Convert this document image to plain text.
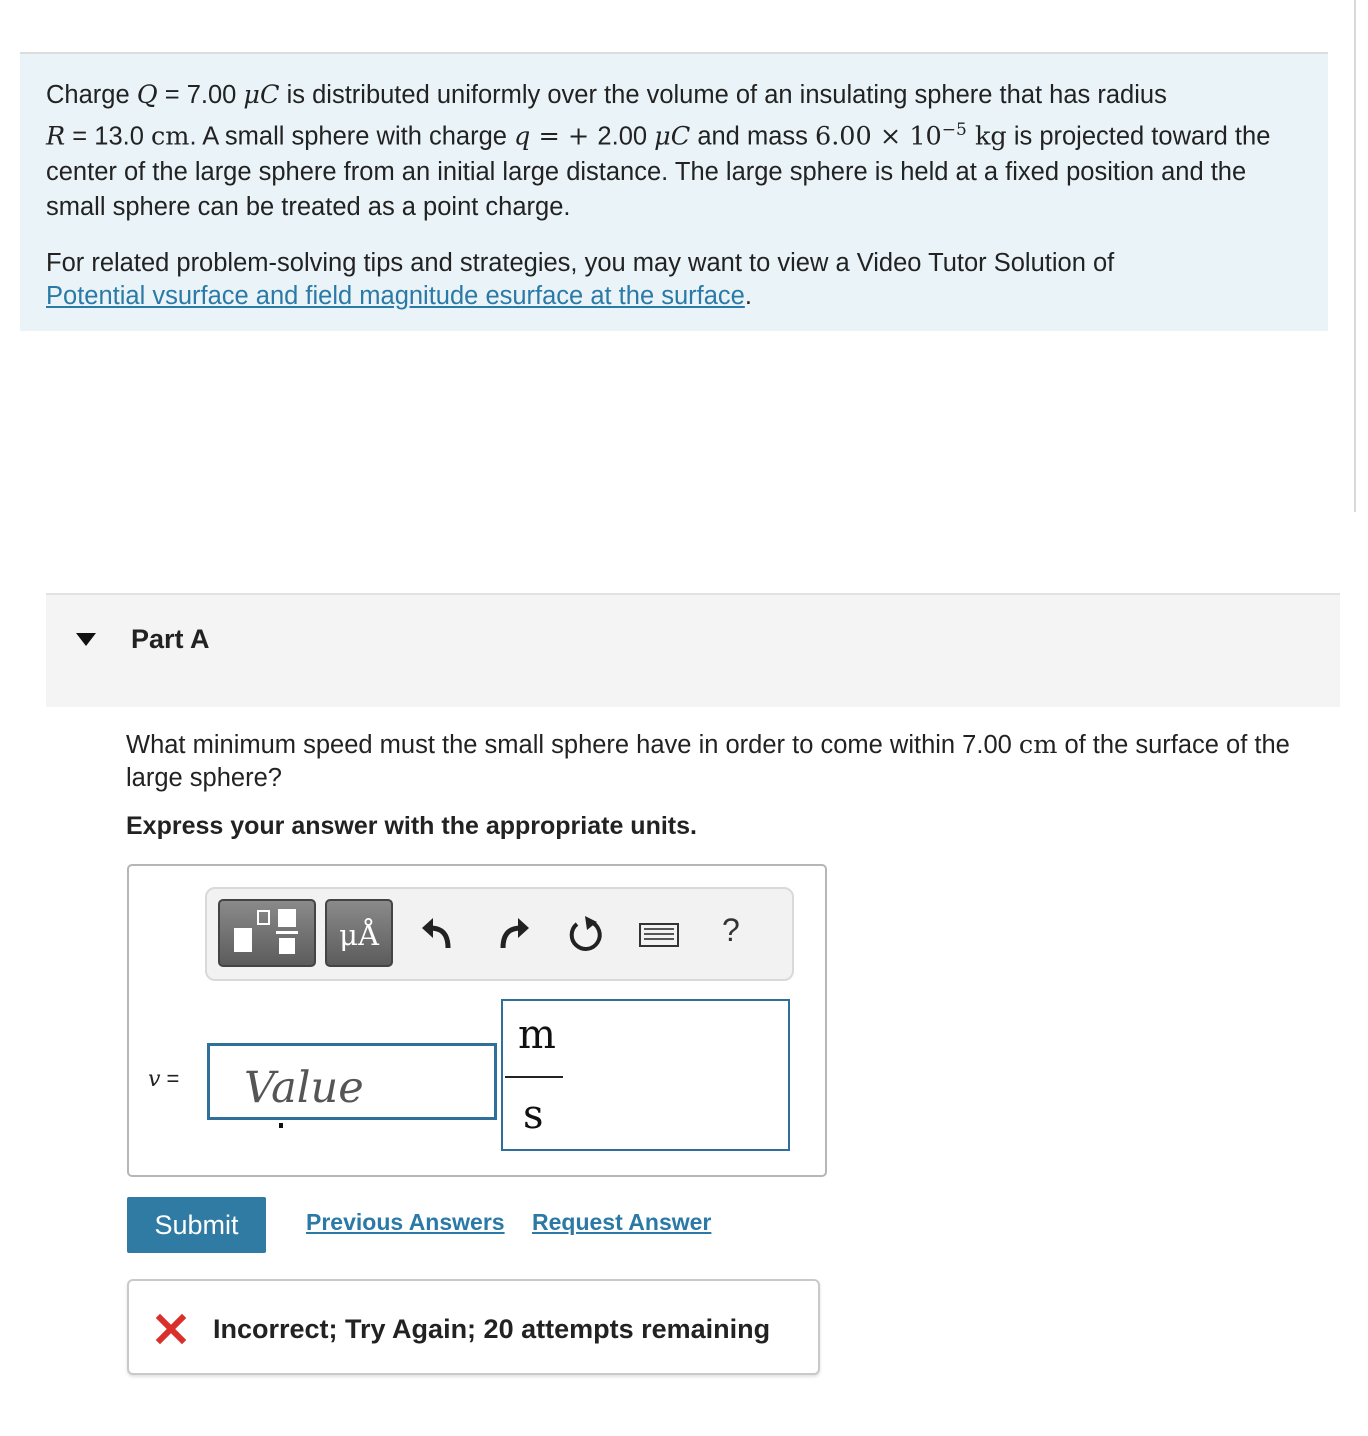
Charge Q = 7.00 μC is distributed uniformly over the volume of an insulating sphere that has radius
R = 13.0 cm. A small sphere with charge q = + 2.00 μC and mass $6.00 \times 10^{-5}$ kg is projected toward the center of the large sphere from an initial large distance. The large sphere is held at a fixed position and the small sphere can be treated as a point charge.

For related problem-solving tips and strategies, you may want to view a Video Tutor Solution of
Potential vsurface and field magnitude esurface at the surface.

Part A
What minimum speed must the small sphere have in order to come within 7.00 cm of the surface of the large sphere?
Express your answer with the appropriate units.
μÅ	?
v =
Value
m
s
Submit	Previous Answers Request Answer
Incorrect; Try Again; 20 attempts remaining
